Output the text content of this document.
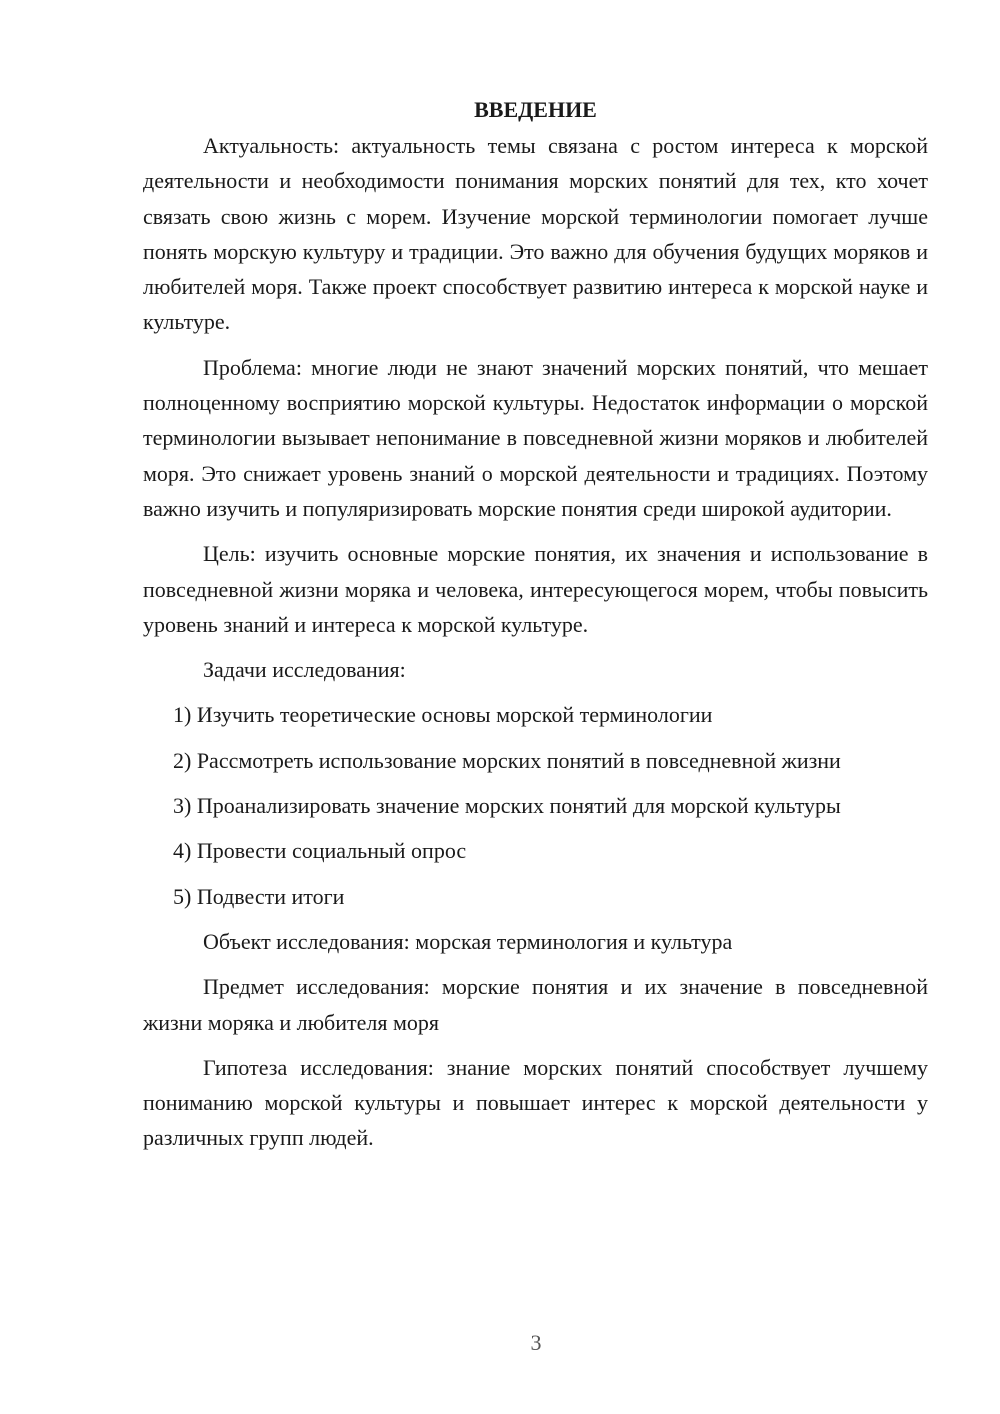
ВВЕДЕНИЕ

Актуальность: актуальность темы связана с ростом интереса к морской деятельности и необходимости понимания морских понятий для тех, кто хочет связать свою жизнь с морем. Изучение морской терминологии помогает лучше понять морскую культуру и традиции. Это важно для обучения будущих моряков и любителей моря. Также проект способствует развитию интереса к морской науке и культуре.

Проблема: многие люди не знают значений морских понятий, что мешает полноценному восприятию морской культуры. Недостаток информации о морской терминологии вызывает непонимание в повседневной жизни моряков и любителей моря. Это снижает уровень знаний о морской деятельности и традициях. Поэтому важно изучить и популяризировать морские понятия среди широкой аудитории.

Цель: изучить основные морские понятия, их значения и использование в повседневной жизни моряка и человека, интересующегося морем, чтобы повысить уровень знаний и интереса к морской культуре.

Задачи исследования:

1) Изучить теоретические основы морской терминологии

2) Рассмотреть использование морских понятий в повседневной жизни

3) Проанализировать значение морских понятий для морской культуры

4) Провести социальный опрос

5) Подвести итоги

Объект исследования: морская терминология и культура

Предмет исследования: морские понятия и их значение в повседневной жизни моряка и любителя моря

Гипотеза исследования: знание морских понятий способствует лучшему пониманию морской культуры и повышает интерес к морской деятельности у различных групп людей.

3
